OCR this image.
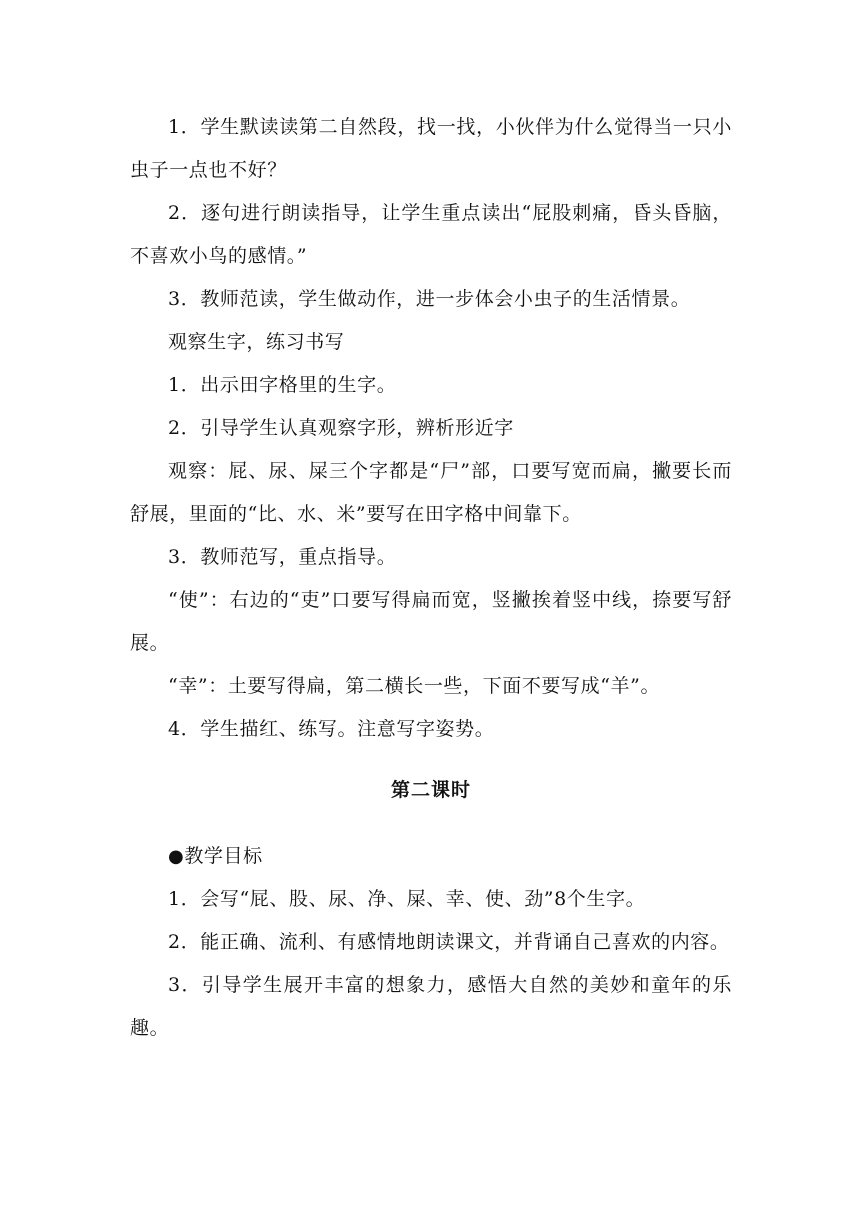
1．学生默读读第二自然段，找一找，小伙伴为什么觉得当一只小虫子一点也不好？

2．逐句进行朗读指导，让学生重点读出“屁股刺痛，昏头昏脑，不喜欢小鸟的感情。”

3．教师范读，学生做动作，进一步体会小虫子的生活情景。

观察生字，练习书写

1．出示田字格里的生字。

2．引导学生认真观察字形，辨析形近字

观察：屁、尿、屎三个字都是“尸”部，口要写宽而扁，撇要长而舒展，里面的“比、水、米”要写在田字格中间靠下。

3．教师范写，重点指导。

“使”：右边的“吏”口要写得扁而宽，竖撇挨着竖中线，捺要写舒展。

“幸”：土要写得扁，第二横长一些，下面不要写成“羊”。

4．学生描红、练写。注意写字姿势。

第二课时

●教学目标

1．会写“屁、股、尿、净、屎、幸、使、劲”8个生字。

2．能正确、流利、有感情地朗读课文，并背诵自己喜欢的内容。

3．引导学生展开丰富的想象力，感悟大自然的美妙和童年的乐趣。
